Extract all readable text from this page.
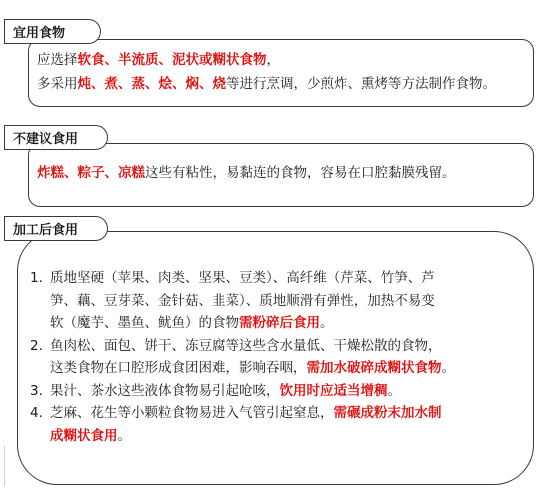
宜用食物
应选择软食、半流质、泥状或糊状食物，
多采用炖、煮、蒸、烩、焖、烧等进行烹调，少煎炸、熏烤等方法制作食物。
不建议食用
炸糕、粽子、凉糕这些有粘性，易黏连的食物，容易在口腔黏膜残留。
加工后食用
1. 质地坚硬（苹果、肉类、坚果、豆类）、高纤维（芹菜、竹笋、芦
笋、藕、豆芽菜、金针菇、韭菜）、质地顺滑有弹性，加热不易变
软（魔芋、墨鱼、鱿鱼）的食物需粉碎后食用。
2. 鱼肉松、面包、饼干、冻豆腐等这些含水量低、干燥松散的食物，
这类食物在口腔形成食团困难，影响吞咽，需加水破碎成糊状食物。
3. 果汁、茶水这些液体食物易引起呛咳，饮用时应适当增稠。
4. 芝麻、花生等小颗粒食物易进入气管引起窒息，需碾成粉末加水制
成糊状食用。
